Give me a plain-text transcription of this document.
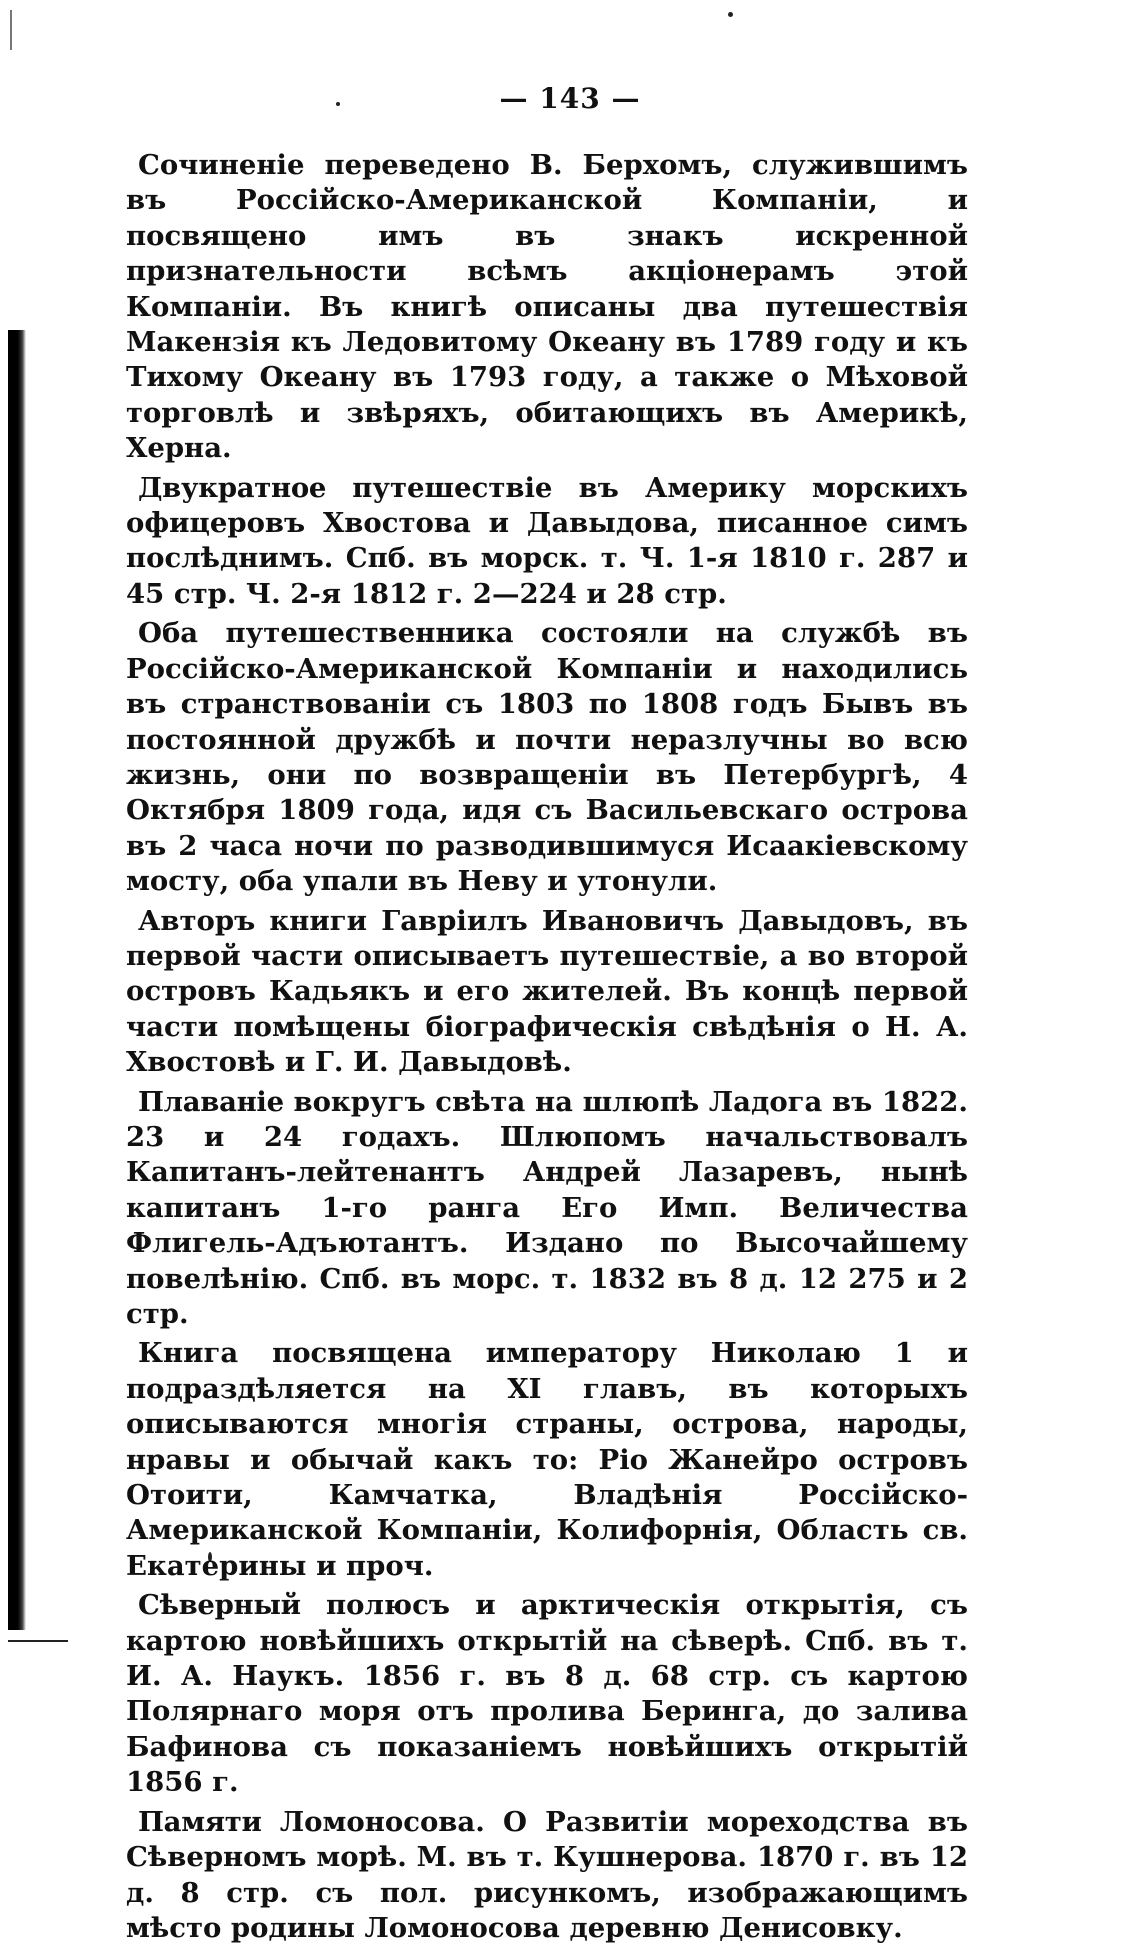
— 143 —

Сочиненіе переведено В. Берхомъ, служившимъ въ Россійско-Американской Компаніи, и посвящено имъ въ знакъ искренной признательности всѣмъ акціонерамъ этой Компаніи. Въ книгѣ описаны два путешествія Макензія къ Ледовитому Океану въ 1789 году и къ Тихому Океану въ 1793 году, а также о Мѣховой торговлѣ и звѣряхъ, обитающихъ въ Америкѣ, Херна.

Двукратное путешествіе въ Америку морскихъ офицеровъ Хвостова и Давыдова, писанное симъ послѣднимъ. Спб. въ морск. т. Ч. 1-я 1810 г. 287 и 45 стр. Ч. 2-я 1812 г. 2—224 и 28 стр.

Оба путешественника состояли на службѣ въ Россійско-Американской Компаніи и находились въ странствованіи съ 1803 по 1808 годъ Бывъ въ постоянной дружбѣ и почти неразлучны во всю жизнь, они по возвращеніи въ Петербургѣ, 4 Октября 1809 года, идя съ Васильевскаго острова въ 2 часа ночи по разводившимуся Исаакіевскому мосту, оба упали въ Неву и утонули.

Авторъ книги Гавріилъ Ивановичъ Давыдовъ, въ первой части описываетъ путешествіе, а во второй островъ Кадьякъ и его жителей. Въ концѣ первой части помѣщены біографическія свѣдѣнія о Н. А. Хвостовѣ и Г. И. Давыдовѣ.

Плаваніе вокругъ свѣта на шлюпѣ Ладога въ 1822. 23 и 24 годахъ. Шлюпомъ начальствовалъ Капитанъ-лейтенантъ Андрей Лазаревъ, нынѣ капитанъ 1-го ранга Его Имп. Величества Флигель-Адъютантъ. Издано по Высочайшему повелѣнію. Спб. въ морс. т. 1832 въ 8 д. 12 275 и 2 стр.

Книга посвящена императору Николаю 1 и подраздѣляется на XI главъ, въ которыхъ описываются многія страны, острова, народы, нравы и обычай какъ то: Ріо Жанейро островъ Отоити, Камчатка, Владѣнія Россійско-Американской Компаніи, Колифорнія, Область св. Екатерины и проч.

Сѣверный полюсъ и арктическія открытія, съ картою новѣйшихъ открытій на сѣверѣ. Спб. въ т. И. А. Наукъ. 1856 г. въ 8 д. 68 стр. съ картою Полярнаго моря отъ пролива Беринга, до залива Бафинова съ показаніемъ новѣйшихъ открытій 1856 г.

Памяти Ломоносова. О Развитіи мореходства въ Сѣверномъ морѣ. М. въ т. Кушнерова. 1870 г. въ 12 д. 8 стр. съ пол. рисункомъ, изображающимъ мѣсто родины Ломоносова деревню Денисовку.
